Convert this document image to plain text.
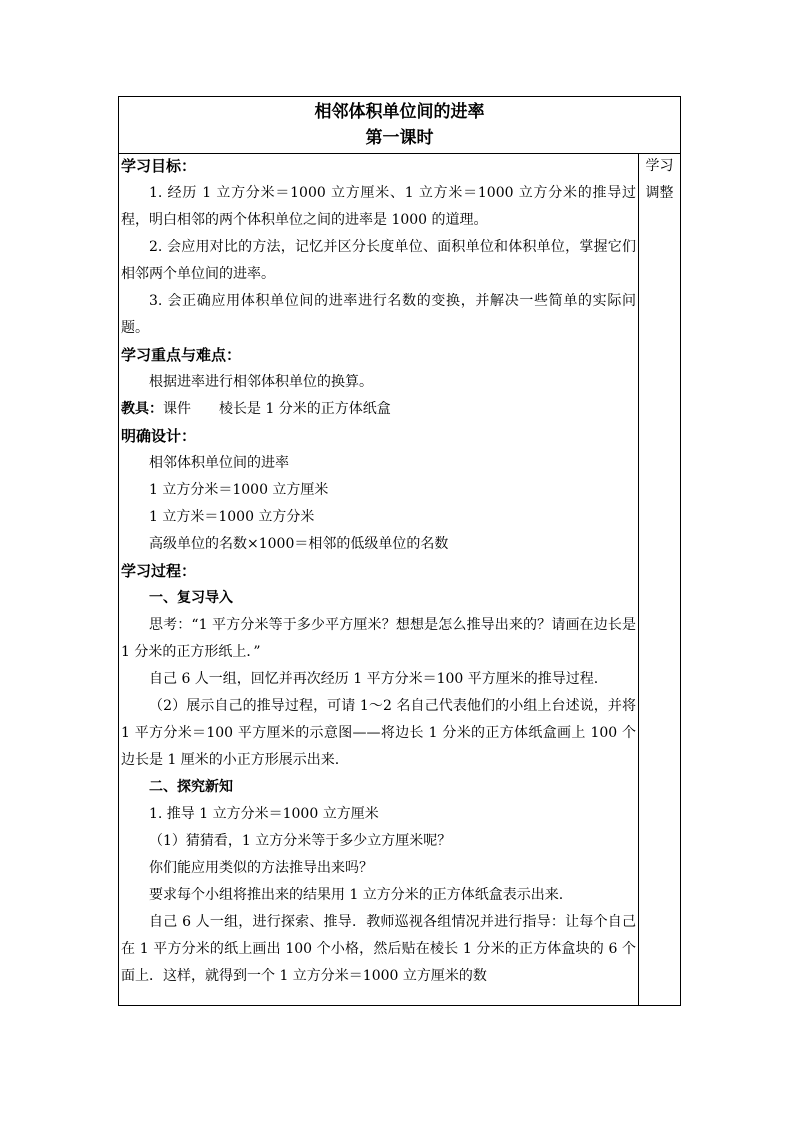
相邻体积单位间的进率
第一课时
学习目标：
1. 经历 1 立方分米＝1000 立方厘米、1 立方米＝1000 立方分米的推导过程，明白相邻的两个体积单位之间的进率是 1000 的道理。
2. 会应用对比的方法，记忆并区分长度单位、面积单位和体积单位，掌握它们相邻两个单位间的进率。
3. 会正确应用体积单位间的进率进行名数的变换，并解决一些简单的实际问题。
学习重点与难点：
根据进率进行相邻体积单位的换算。
教具：课件　　棱长是 1 分米的正方体纸盒
明确设计：
相邻体积单位间的进率
1 立方分米＝1000 立方厘米
1 立方米＝1000 立方分米
高级单位的名数×1000＝相邻的低级单位的名数
学习过程：
一、复习导入
思考：“1 平方分米等于多少平方厘米？想想是怎么推导出来的？请画在边长是 1 分米的正方形纸上．”
自己 6 人一组，回忆并再次经历 1 平方分米＝100 平方厘米的推导过程.
（2）展示自己的推导过程，可请 1～2 名自己代表他们的小组上台述说，并将 1 平方分米＝100 平方厘米的示意图——将边长 1 分米的正方体纸盒画上 100 个边长是 1 厘米的小正方形展示出来.
二、探究新知
1. 推导 1 立方分米＝1000 立方厘米
（1）猜猜看，1 立方分米等于多少立方厘米呢？
你们能应用类似的方法推导出来吗？
要求每个小组将推出来的结果用 1 立方分米的正方体纸盒表示出来.
自己 6 人一组，进行探索、推导．教师巡视各组情况并进行指导：让每个自己在 1 平方分米的纸上画出 100 个小格，然后贴在棱长 1 分米的正方体盒块的 6 个面上．这样，就得到一个 1 立方分米＝1000 立方厘米的数
学习
调整
